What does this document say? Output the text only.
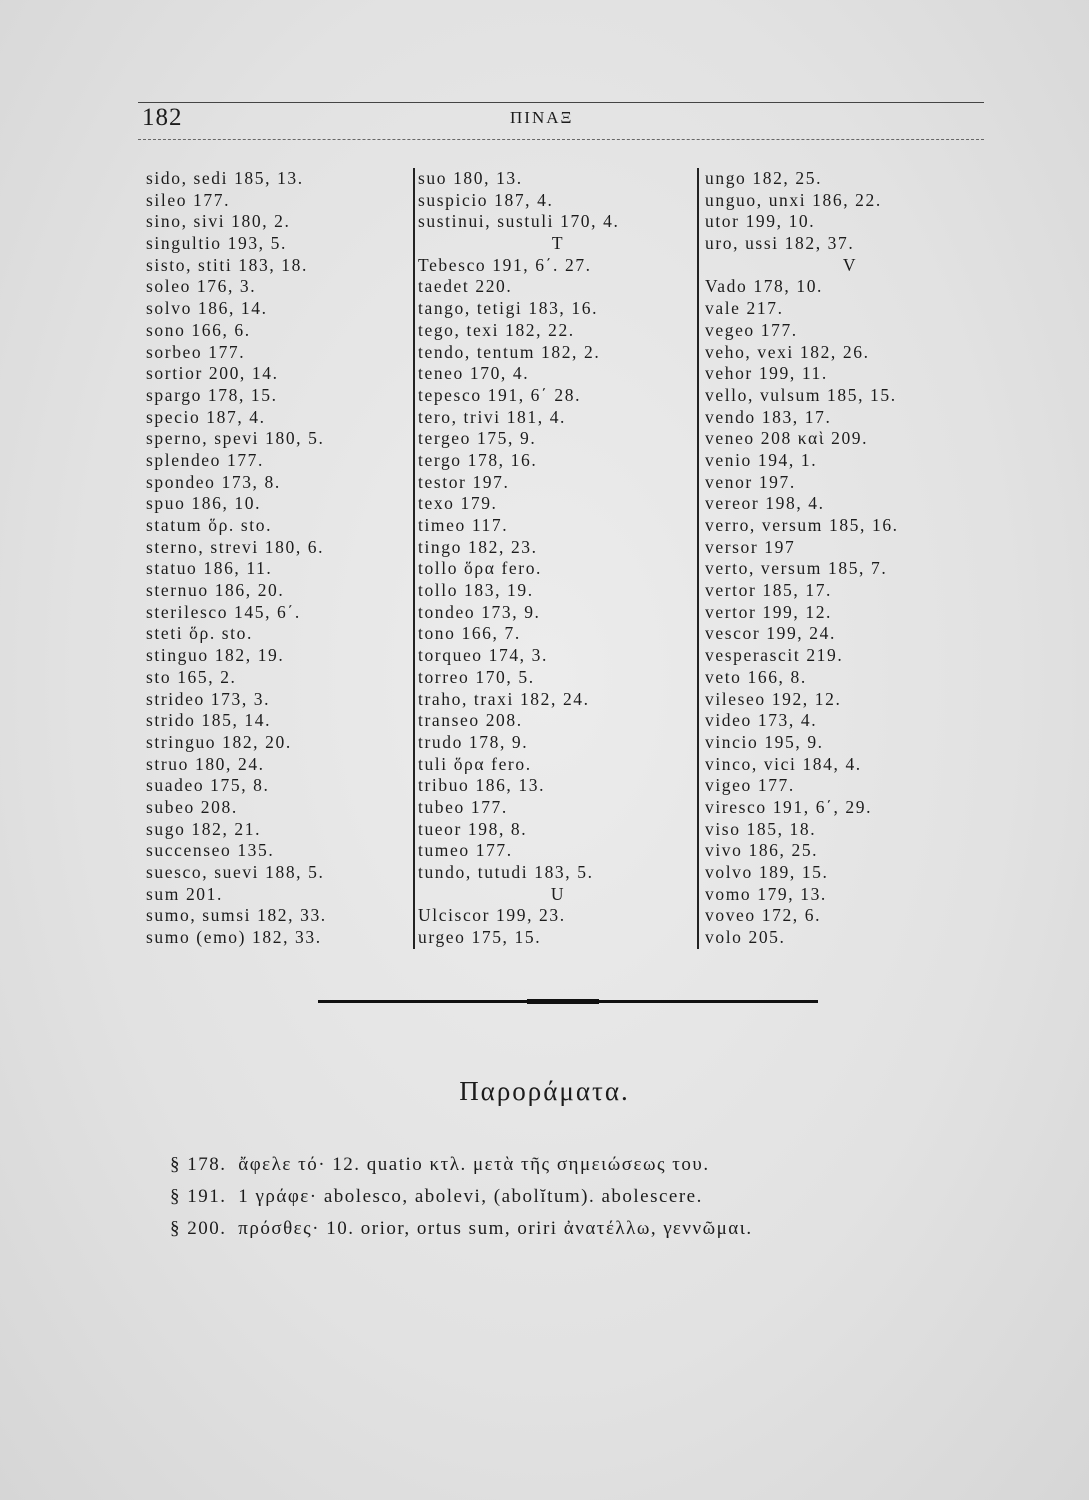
182	ΠΙΝΑΞ
sido, sedi 185, 13.
sileo 177.
sino, sivi 180, 2.
singultio 193, 5.
sisto, stiti 183, 18.
soleo 176, 3.
solvo 186, 14.
sono 166, 6.
sorbeo 177.
sortior 200, 14.
spargo 178, 15.
specio 187, 4.
sperno, spevi 180, 5.
splendeo 177.
spondeo 173, 8.
spuo 186, 10.
statum ὅρ. sto.
sterno, strevi 180, 6.
statuo 186, 11.
sternuo 186, 20.
sterilesco 145, 6΄.
steti ὅρ. sto.
stinguo 182, 19.
sto 165, 2.
strideo 173, 3.
strido 185, 14.
stringuo 182, 20.
struo 180, 24.
suadeo 175, 8.
subeo 208.
sugo 182, 21.
succenseo 135.
suesco, suevi 188, 5.
sum 201.
sumo, sumsi 182, 33.
sumo (emo) 182, 33.
suo 180, 13.
suspicio 187, 4.
sustinui, sustuli 170, 4.
T
Tebesco 191, 6΄. 27.
taedet 220.
tango, tetigi 183, 16.
tego, texi 182, 22.
tendo, tentum 182, 2.
teneo 170, 4.
tepesco 191, 6΄ 28.
tero, trivi 181, 4.
tergeo 175, 9.
tergo 178, 16.
testor 197.
texo 179.
timeo 117.
tingo 182, 23.
tollo ὅρα fero.
tollo 183, 19.
tondeo 173, 9.
tono 166, 7.
torqueo 174, 3.
torreo 170, 5.
traho, traxi 182, 24.
transeo 208.
trudo 178, 9.
tuli ὅρα fero.
tribuo 186, 13.
tubeo 177.
tueor 198, 8.
tumeo 177.
tundo, tutudi 183, 5.
U
Ulciscor 199, 23.
urgeo 175, 15.
ungo 182, 25.
unguo, unxi 186, 22.
utor 199, 10.
uro, ussi 182, 37.
V
Vado 178, 10.
vale 217.
vegeo 177.
veho, vexi 182, 26.
vehor 199, 11.
vello, vulsum 185, 15.
vendo 183, 17.
veneo 208 καὶ 209.
venio 194, 1.
venor 197.
vereor 198, 4.
verro, versum 185, 16.
versor 197
verto, versum 185, 7.
vertor 185, 17.
vertor 199, 12.
vescor 199, 24.
vesperascit 219.
veto 166, 8.
vileseo 192, 12.
video 173, 4.
vincio 195, 9.
vinco, vici 184, 4.
vigeo 177.
viresco 191, 6΄, 29.
viso 185, 18.
vivo 186, 25.
volvo 189, 15.
vomo 179, 13.
voveo 172, 6.
volo 205.
Παροράματα.
§ 178. ἄφελε τό· 12. quatio κτλ. μετὰ τῆς σημειώσεως του.
§ 191. 1 γράφε· abolesco, abolevi, (abolĭtum). abolescere.
§ 200. πρόσθες· 10. orior, ortus sum, oriri ἀνατέλλω, γεννῶμαι.
